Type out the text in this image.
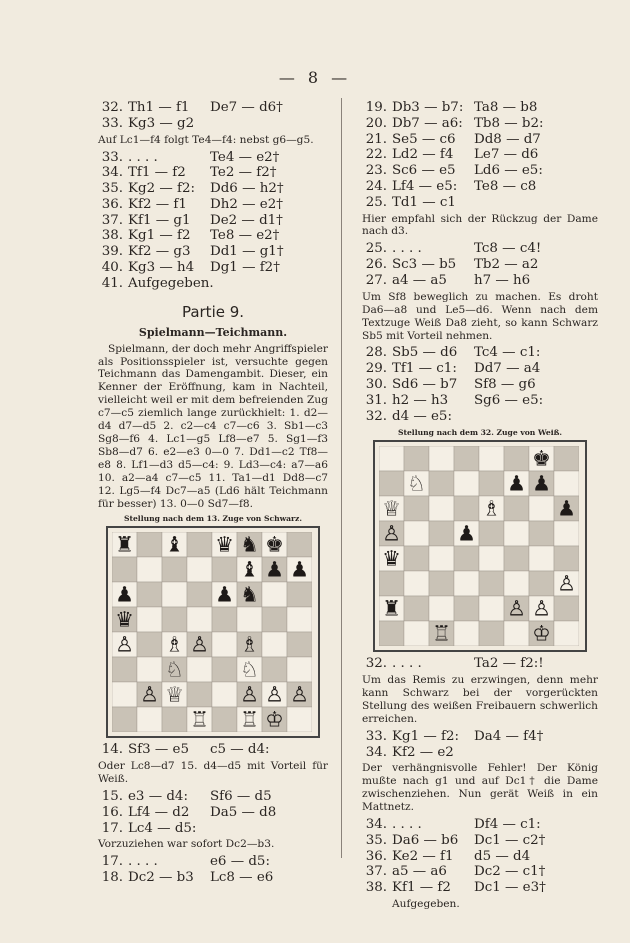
— 8 —
32. Th1 — f1	De7 — d6†
33. Kg3 — g2
Auf Lc1—f4 folgt Te4—f4: nebst g6—g5.
33. . . . .	Te4 — e2†
34. Tf1 — f2	Te2 — f2†
35. Kg2 — f2:	Dd6 — h2†
36. Kf2 — f1	Dh2 — e2†
37. Kf1 — g1	De2 — d1†
38. Kg1 — f2	Te8 — e2†
39. Kf2 — g3	Dd1 — g1†
40. Kg3 — h4	Dg1 — f2†
41. Aufgegeben.
Partie 9.
Spielmann—Teichmann.
Spielmann, der doch mehr Angriffspieler als Positionsspieler ist, versuchte gegen Teichmann das Damengambit. Dieser, ein Kenner der Eröffnung, kam in Nachteil, vielleicht weil er mit dem befreienden Zug c7—c5 ziemlich lange zurückhielt: 1. d2—d4 d7—d5 2. c2—c4 c7—c6 3. Sb1—c3 Sg8—f6 4. Lc1—g5 Lf8—e7 5. Sg1—f3 Sb8—d7 6. e2—e3 0—0 7. Dd1—c2 Tf8—e8 8. Lf1—d3 d5—c4: 9. Ld3—c4: a7—a6 10. a2—a4 c7—c5 11. Ta1—d1 Dd8—c7 12. Lg5—f4 Dc7—a5 (Ld6 hält Teichmann für besser) 13. 0—0 Sd7—f8.
Stellung nach dem 13. Zuge von Schwarz.
♜ ♝ ♛ ♞ ♚
♝ ♟ ♟
♟	♟ ♞
♛
♙ ♗ ♙ ♗
♘	♘
♙ ♕	♙ ♙ ♙
♖ ♖ ♔
14. Sf3 — e5	c5 — d4:
Oder Lc8—d7 15. d4—d5 mit Vorteil für Weiß.
15. e3 — d4:	Sf6 — d5
16. Lf4 — d2	Da5 — d8
17. Lc4 — d5:
Vorzuziehen war sofort Dc2—b3.
17. . . . .	e6 — d5:
18. Dc2 — b3	Lc8 — e6
19. Db3 — b7: Ta8 — b8
20. Db7 — a6: Tb8 — b2:
21. Se5 — c6	Dd8 — d7
22. Ld2 — f4	Le7 — d6
23. Sc6 — e5	Ld6 — e5:
24. Lf4 — e5:	Te8 — c8
25. Td1 — c1
Hier empfahl sich der Rückzug der Dame nach d3.
25. . . . .	Tc8 — c4!
26. Sc3 — b5	Tb2 — a2
27. a4 — a5	h7 — h6
Um Sf8 beweglich zu machen. Es droht Da6—a8 und Le5—d6. Wenn nach dem Textzuge Weiß Da8 zieht, so kann Schwarz Sb5 mit Vorteil nehmen.
28. Sb5 — d6	Tc4 — c1:
29. Tf1 — c1:	Dd7 — a4
30. Sd6 — b7	Sf8 — g6
31. h2 — h3	Sg6 — e5:
32. d4 — e5:
Stellung nach dem 32. Zuge von Weiß.
♚
♘	♟ ♟
♕	♗	♟
♙	♟
♛
♙
♜	♙ ♙
♖	♔
32. . . . .	Ta2 — f2:!
Um das Remis zu erzwingen, denn mehr kann Schwarz bei der vorgerückten Stellung des weißen Freibauern schwerlich erreichen.
33. Kg1 — f2:	Da4 — f4†
34. Kf2 — e2
Der verhängnisvolle Fehler! Der König mußte nach g1 und auf Dc1† die Dame zwischenziehen. Nun gerät Weiß in ein Mattnetz.
34. . . . .	Df4 — c1:
35. Da6 — b6	Dc1 — c2†
36. Ke2 — f1	d5 — d4
37. a5 — a6	Dc2 — c1†
38. Kf1 — f2	Dc1 — e3†
Aufgegeben.
